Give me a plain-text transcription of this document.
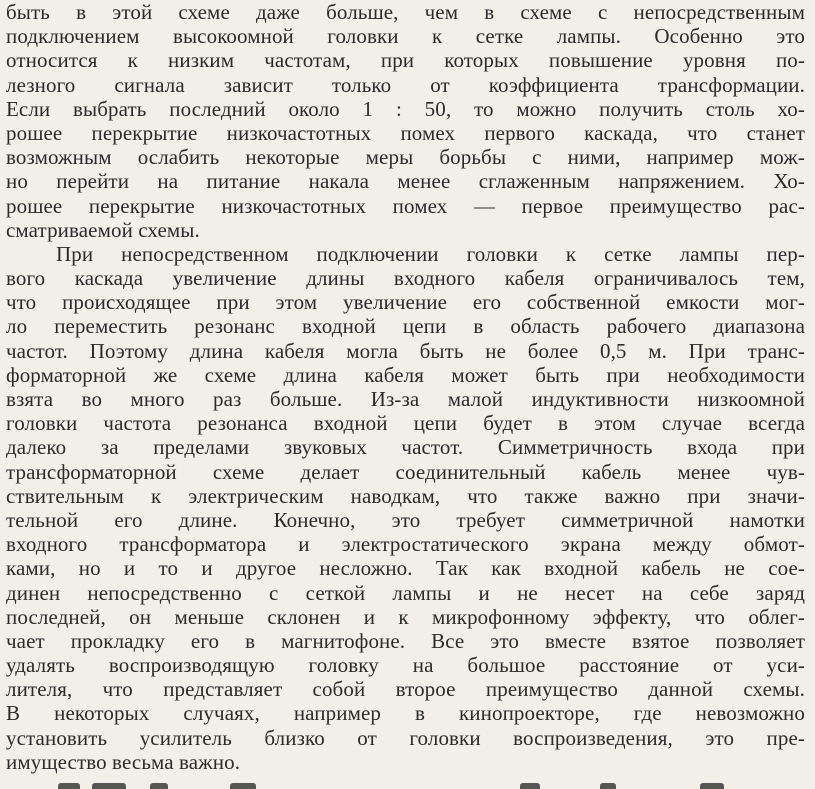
быть в этой схеме даже больше, чем в схеме с непосредственным
подключением высокоомной головки к сетке лампы. Особенно это
относится к низким частотам, при которых повышение уровня по-
лезного сигнала зависит только от коэффициента трансформации.
Если выбрать последний около 1 : 50, то можно получить столь хо-
рошее перекрытие низкочастотных помех первого каскада, что станет
возможным ослабить некоторые меры борьбы с ними, например мож-
но перейти на питание накала менее сглаженным напряжением. Хо-
рошее перекрытие низкочастотных помех — первое преимущество рас-
сматриваемой схемы.
При непосредственном подключении головки к сетке лампы пер-
вого каскада увеличение длины входного кабеля ограничивалось тем,
что происходящее при этом увеличение его собственной емкости мог-
ло переместить резонанс входной цепи в область рабочего диапазона
частот. Поэтому длина кабеля могла быть не более 0,5 м. При транс-
форматорной же схеме длина кабеля может быть при необходимости
взята во много раз больше. Из-за малой индуктивности низкоомной
головки частота резонанса входной цепи будет в этом случае всегда
далеко за пределами звуковых частот. Симметричность входа при
трансформаторной схеме делает соединительный кабель менее чув-
ствительным к электрическим наводкам, что также важно при значи-
тельной его длине. Конечно, это требует симметричной намотки
входного трансформатора и электростатического экрана между обмот-
ками, но и то и другое несложно. Так как входной кабель не сое-
динен непосредственно с сеткой лампы и не несет на себе заряд
последней, он меньше склонен и к микрофонному эффекту, что облег-
чает прокладку его в магнитофоне. Все это вместе взятое позволяет
удалять воспроизводящую головку на большое расстояние от уси-
лителя, что представляет собой второе преимущество данной схемы.
В некоторых случаях, например в кинопроекторе, где невозможно
установить усилитель близко от головки воспроизведения, это пре-
имущество весьма важно.
